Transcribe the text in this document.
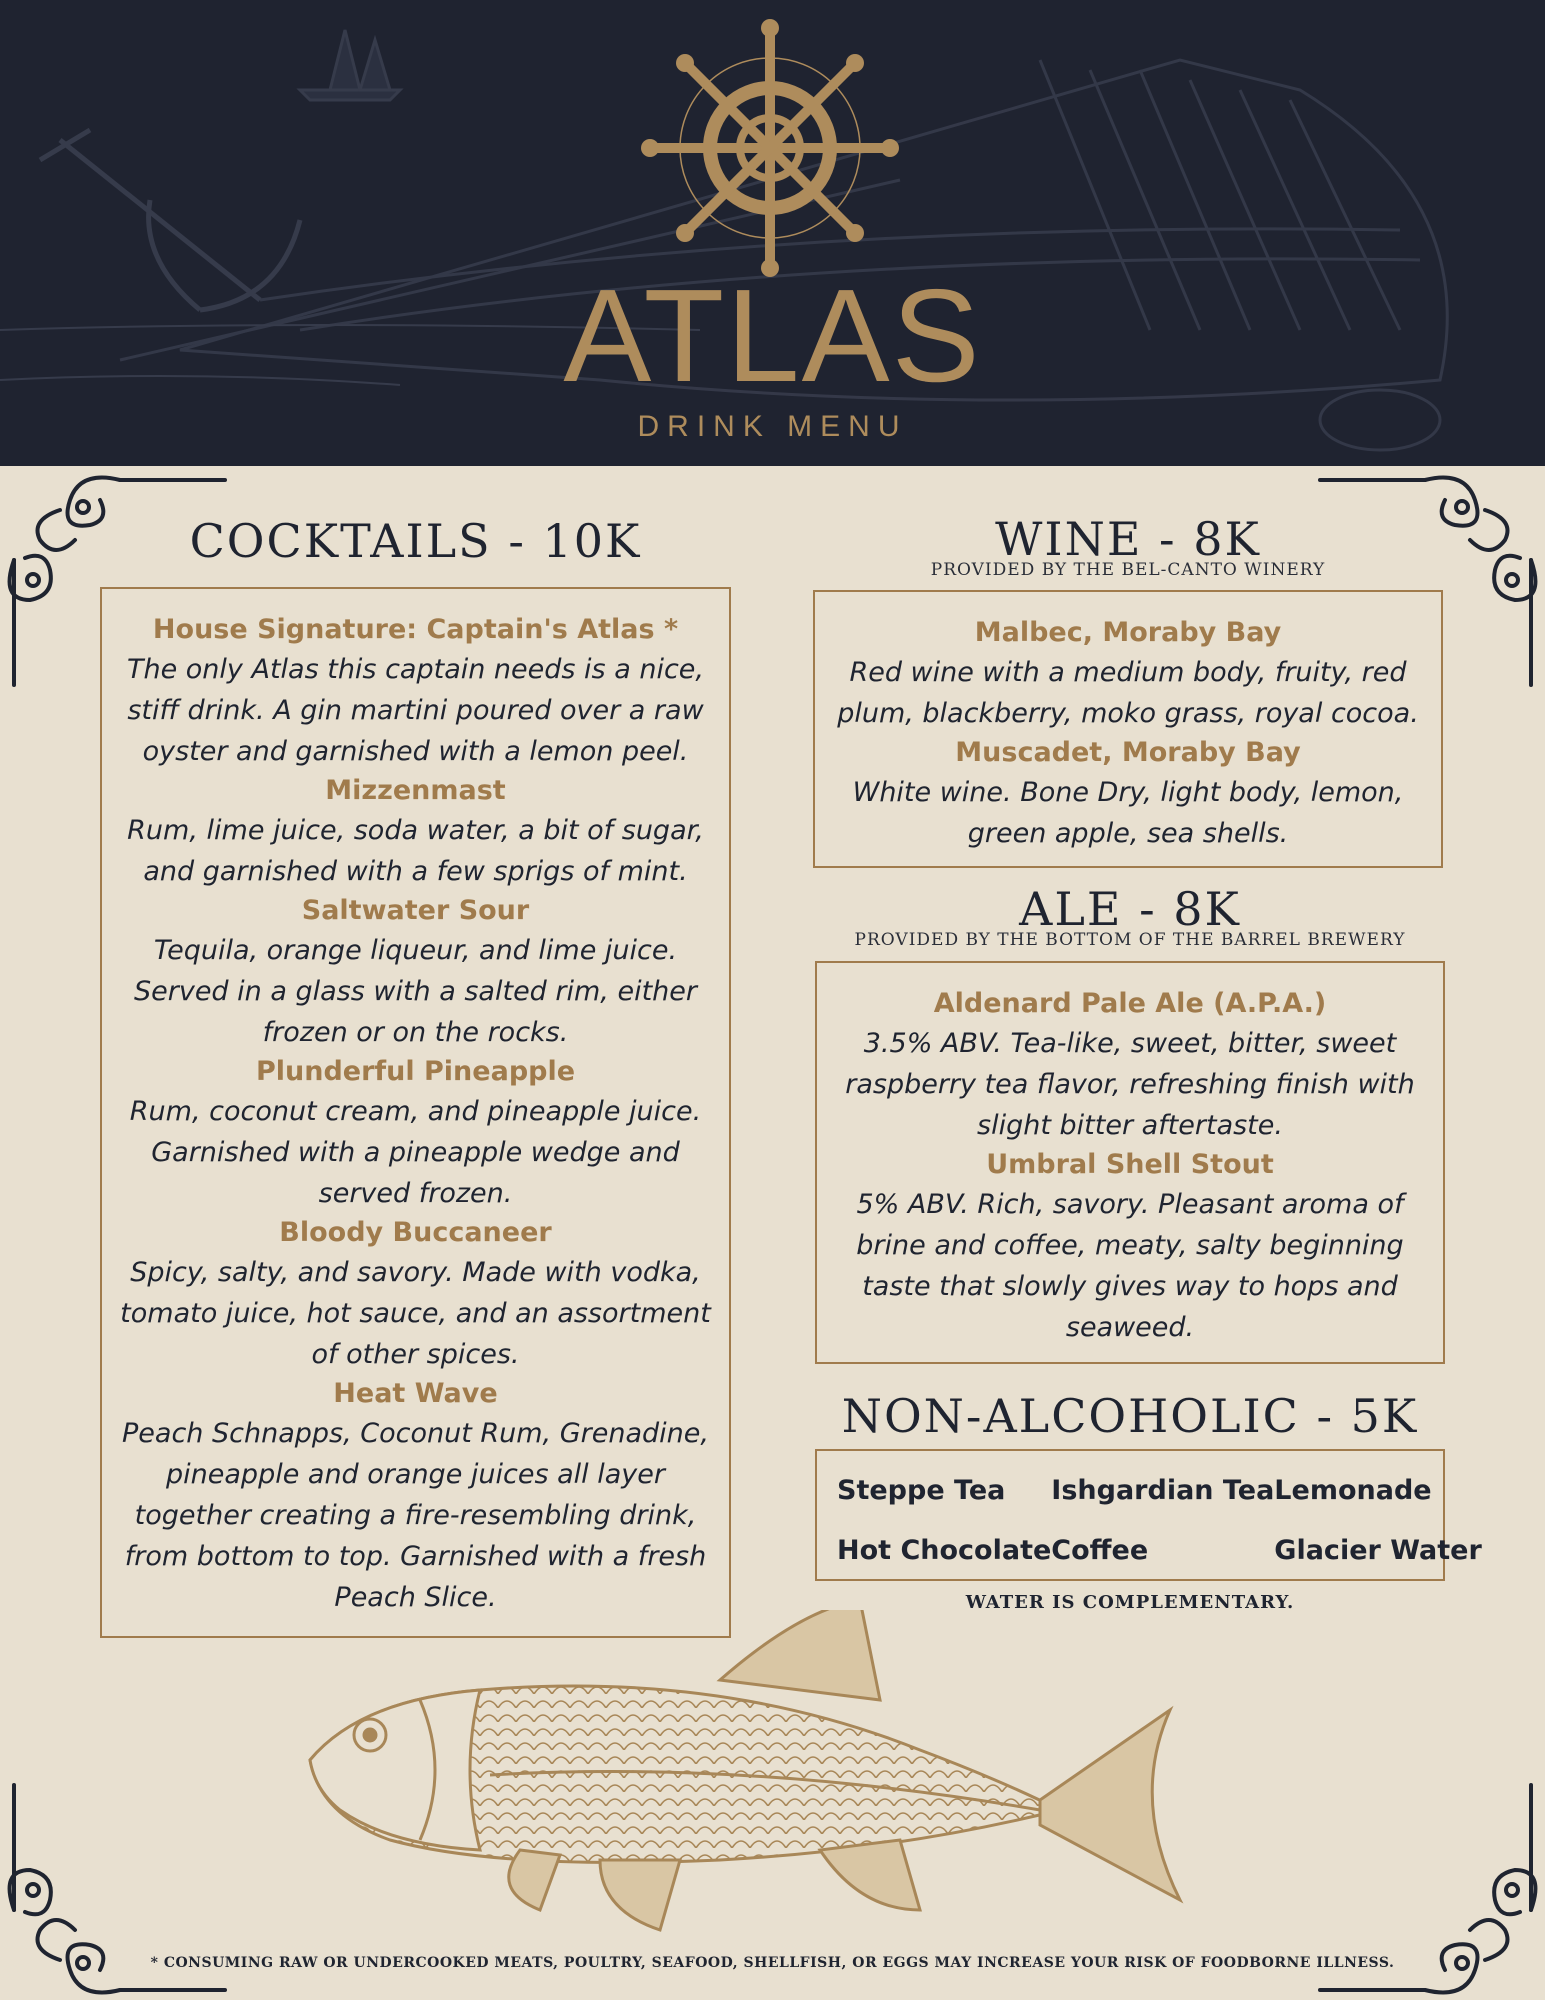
ATLAS
DRINK MENU
COCKTAILS - 10K
House Signature: Captain's Atlas *
The only Atlas this captain needs is a nice, stiff drink. A gin martini poured over a raw oyster and garnished with a lemon peel.
Mizzenmast
Rum, lime juice, soda water, a bit of sugar, and garnished with a few sprigs of mint.
Saltwater Sour
Tequila, orange liqueur, and lime juice. Served in a glass with a salted rim, either frozen or on the rocks.
Plunderful Pineapple
Rum, coconut cream, and pineapple juice. Garnished with a pineapple wedge and served frozen.
Bloody Buccaneer
Spicy, salty, and savory. Made with vodka, tomato juice, hot sauce, and an assortment of other spices.
Heat Wave
Peach Schnapps, Coconut Rum, Grenadine, pineapple and orange juices all layer together creating a fire-resembling drink, from bottom to top. Garnished with a fresh Peach Slice.
WINE - 8K
PROVIDED BY THE BEL-CANTO WINERY
Malbec, Moraby Bay
Red wine with a medium body, fruity, red plum, blackberry, moko grass, royal cocoa.
Muscadet, Moraby Bay
White wine. Bone Dry, light body, lemon, green apple, sea shells.
ALE - 8K
PROVIDED BY THE BOTTOM OF THE BARREL BREWERY
Aldenard Pale Ale (A.P.A.)
3.5% ABV. Tea-like, sweet, bitter, sweet raspberry tea flavor, refreshing finish with slight bitter aftertaste.
Umbral Shell Stout
5% ABV. Rich, savory. Pleasant aroma of brine and coffee, meaty, salty beginning taste that slowly gives way to hops and seaweed.
NON-ALCOHOLIC - 5K
Steppe Tea	Ishgardian Tea Lemonade
Hot Chocolate Coffee	Glacier Water
WATER IS COMPLEMENTARY.
* CONSUMING RAW OR UNDERCOOKED MEATS, POULTRY, SEAFOOD, SHELLFISH, OR EGGS MAY INCREASE YOUR RISK OF FOODBORNE ILLNESS.
